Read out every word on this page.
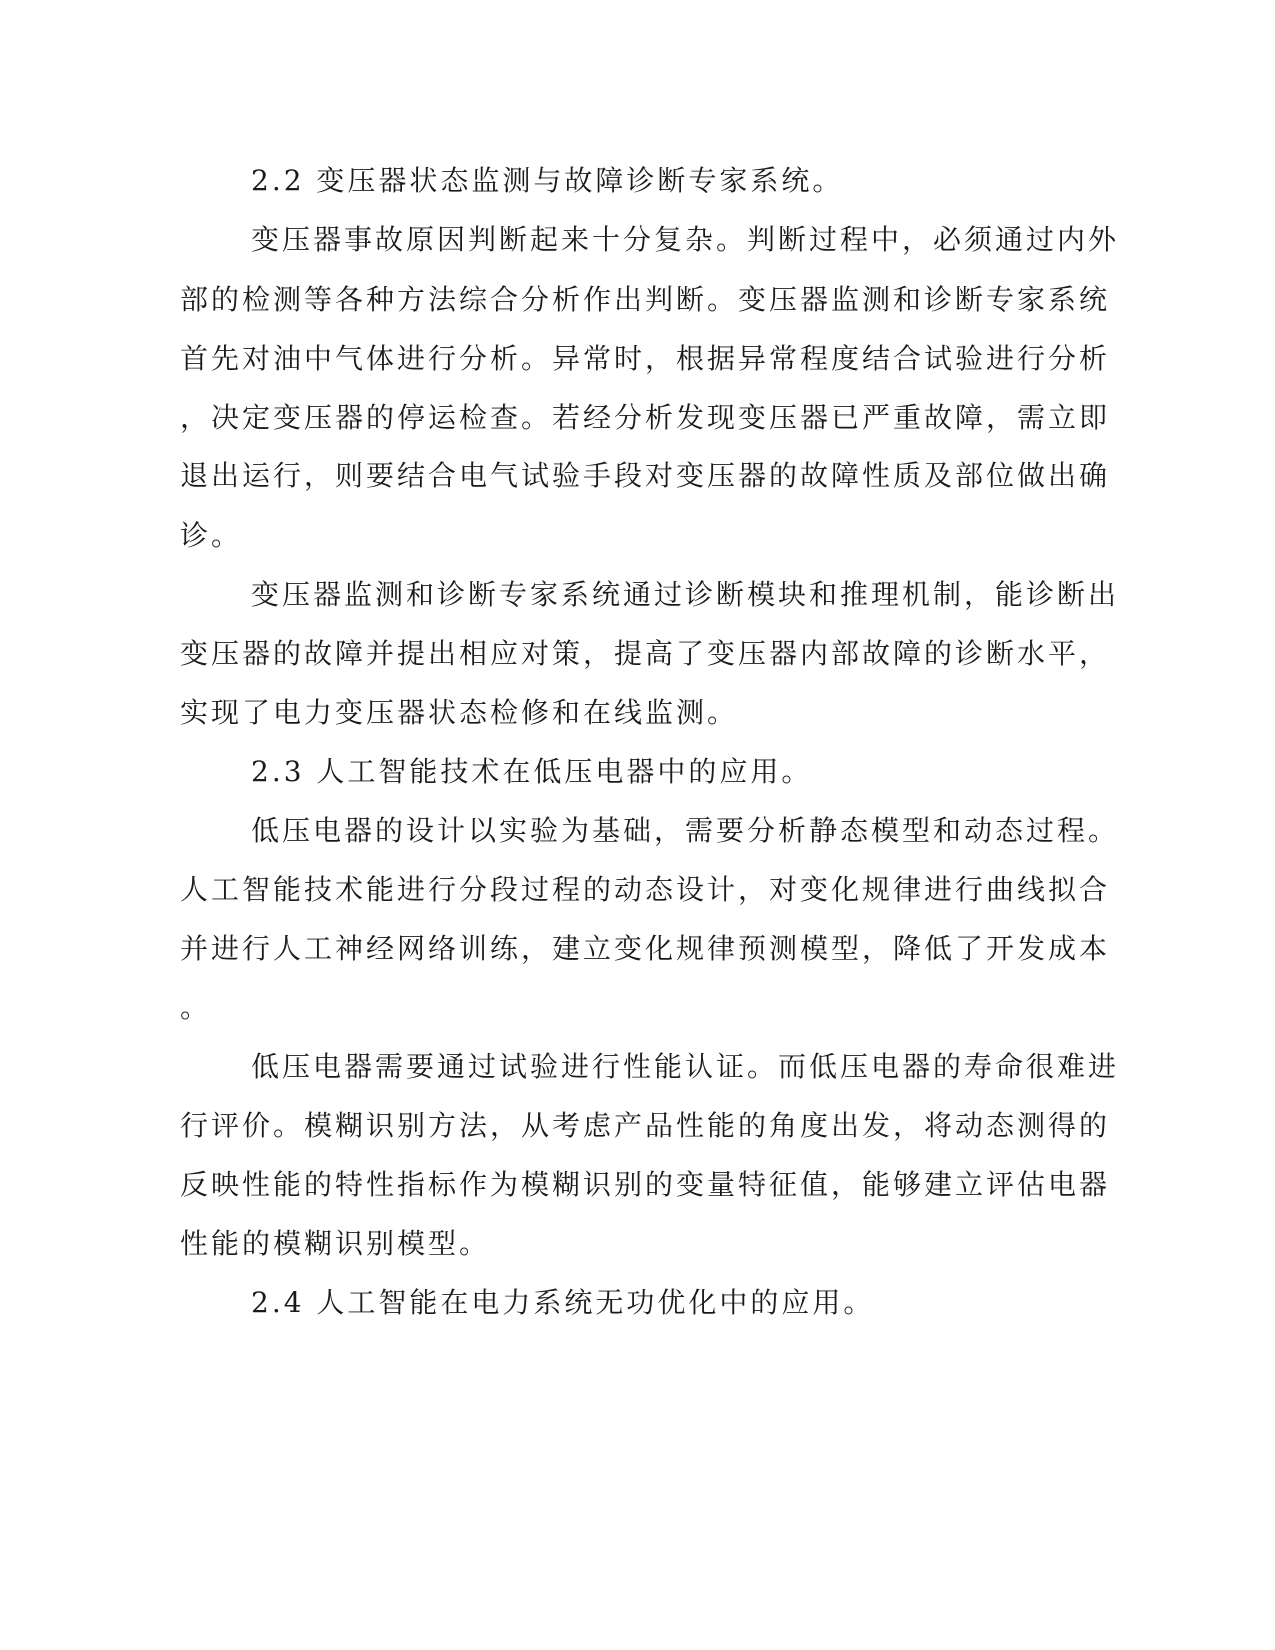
2.2 变压器状态监测与故障诊断专家系统。
变压器事故原因判断起来十分复杂。判断过程中，必须通过内外
部的检测等各种方法综合分析作出判断。变压器监测和诊断专家系统
首先对油中气体进行分析。异常时，根据异常程度结合试验进行分析
，决定变压器的停运检查。若经分析发现变压器已严重故障，需立即
退出运行，则要结合电气试验手段对变压器的故障性质及部位做出确
诊。
变压器监测和诊断专家系统通过诊断模块和推理机制，能诊断出
变压器的故障并提出相应对策，提高了变压器内部故障的诊断水平，
实现了电力变压器状态检修和在线监测。
2.3 人工智能技术在低压电器中的应用。
低压电器的设计以实验为基础，需要分析静态模型和动态过程。
人工智能技术能进行分段过程的动态设计，对变化规律进行曲线拟合
并进行人工神经网络训练，建立变化规律预测模型，降低了开发成本
。
低压电器需要通过试验进行性能认证。而低压电器的寿命很难进
行评价。模糊识别方法，从考虑产品性能的角度出发，将动态测得的
反映性能的特性指标作为模糊识别的变量特征值，能够建立评估电器
性能的模糊识别模型。
2.4 人工智能在电力系统无功优化中的应用。
